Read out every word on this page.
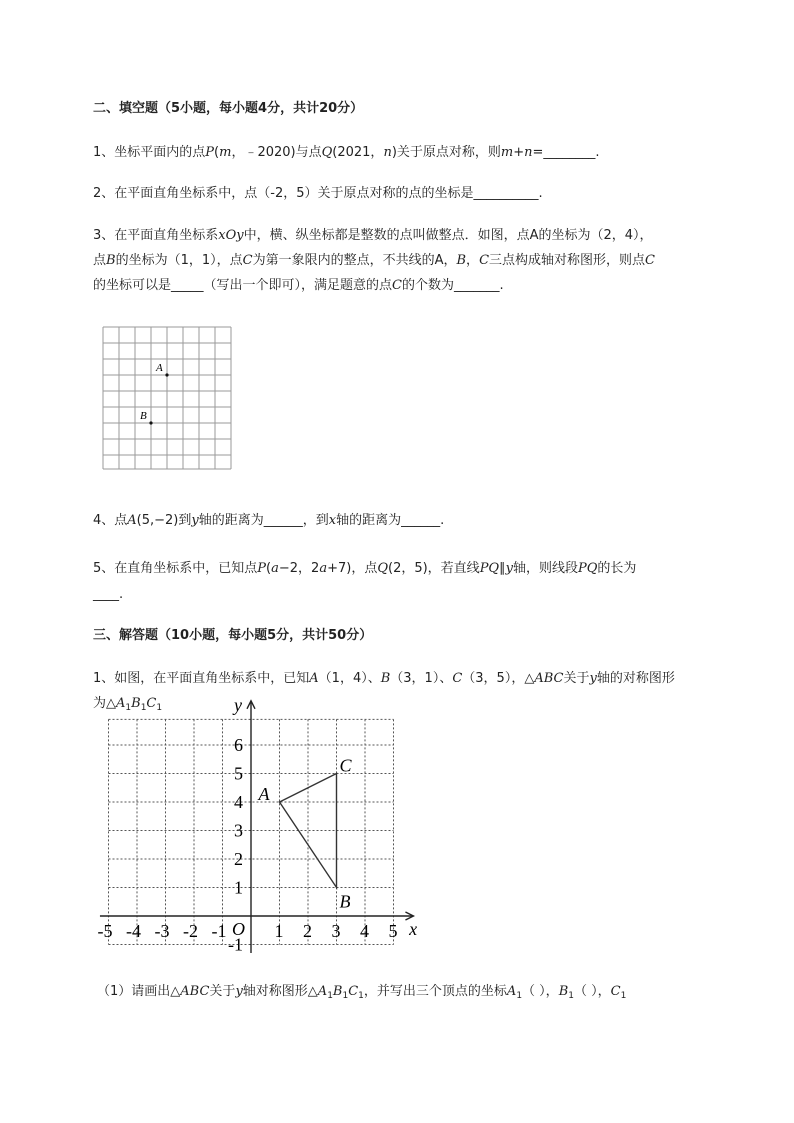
二、填空题（5小题，每小题4分，共计20分）
1、坐标平面内的点P(m，﹣2020)与点Q(2021，n)关于原点对称，则m+n=________.
2、在平面直角坐标系中，点（-2，5）关于原点对称的点的坐标是__________.
3、在平面直角坐标系xOy中，横、纵坐标都是整数的点叫做整点．如图，点A的坐标为（2，4），
点B的坐标为（1，1），点C为第一象限内的整点，不共线的A，B，C三点构成轴对称图形，则点C
的坐标可以是_____（写出一个即可），满足题意的点C的个数为_______.
A
B
4、点A(5,−2)到y轴的距离为______，到x轴的距离为______.
5、在直角坐标系中，已知点P(a−2，2a+7)，点Q(2，5)，若直线PQ∥y轴，则线段PQ的长为
____.
三、解答题（10小题，每小题5分，共计50分）
1、如图，在平面直角坐标系中，已知A（1，4）、B（3，1）、C（3，5），△ABC关于y轴的对称图形
为$\triangle A_1B_1C_1$
x
y
O
-5 -4 -3 -2 -1	1 2 3 4 5
6
5
4
3
2
1
-1
A
B
C
（1）请画出△ABC关于y轴对称图形$\triangle A_1B_1C_1$，并写出三个顶点的坐标$A_1$（ ），$B_1$（ ），$C_1$
